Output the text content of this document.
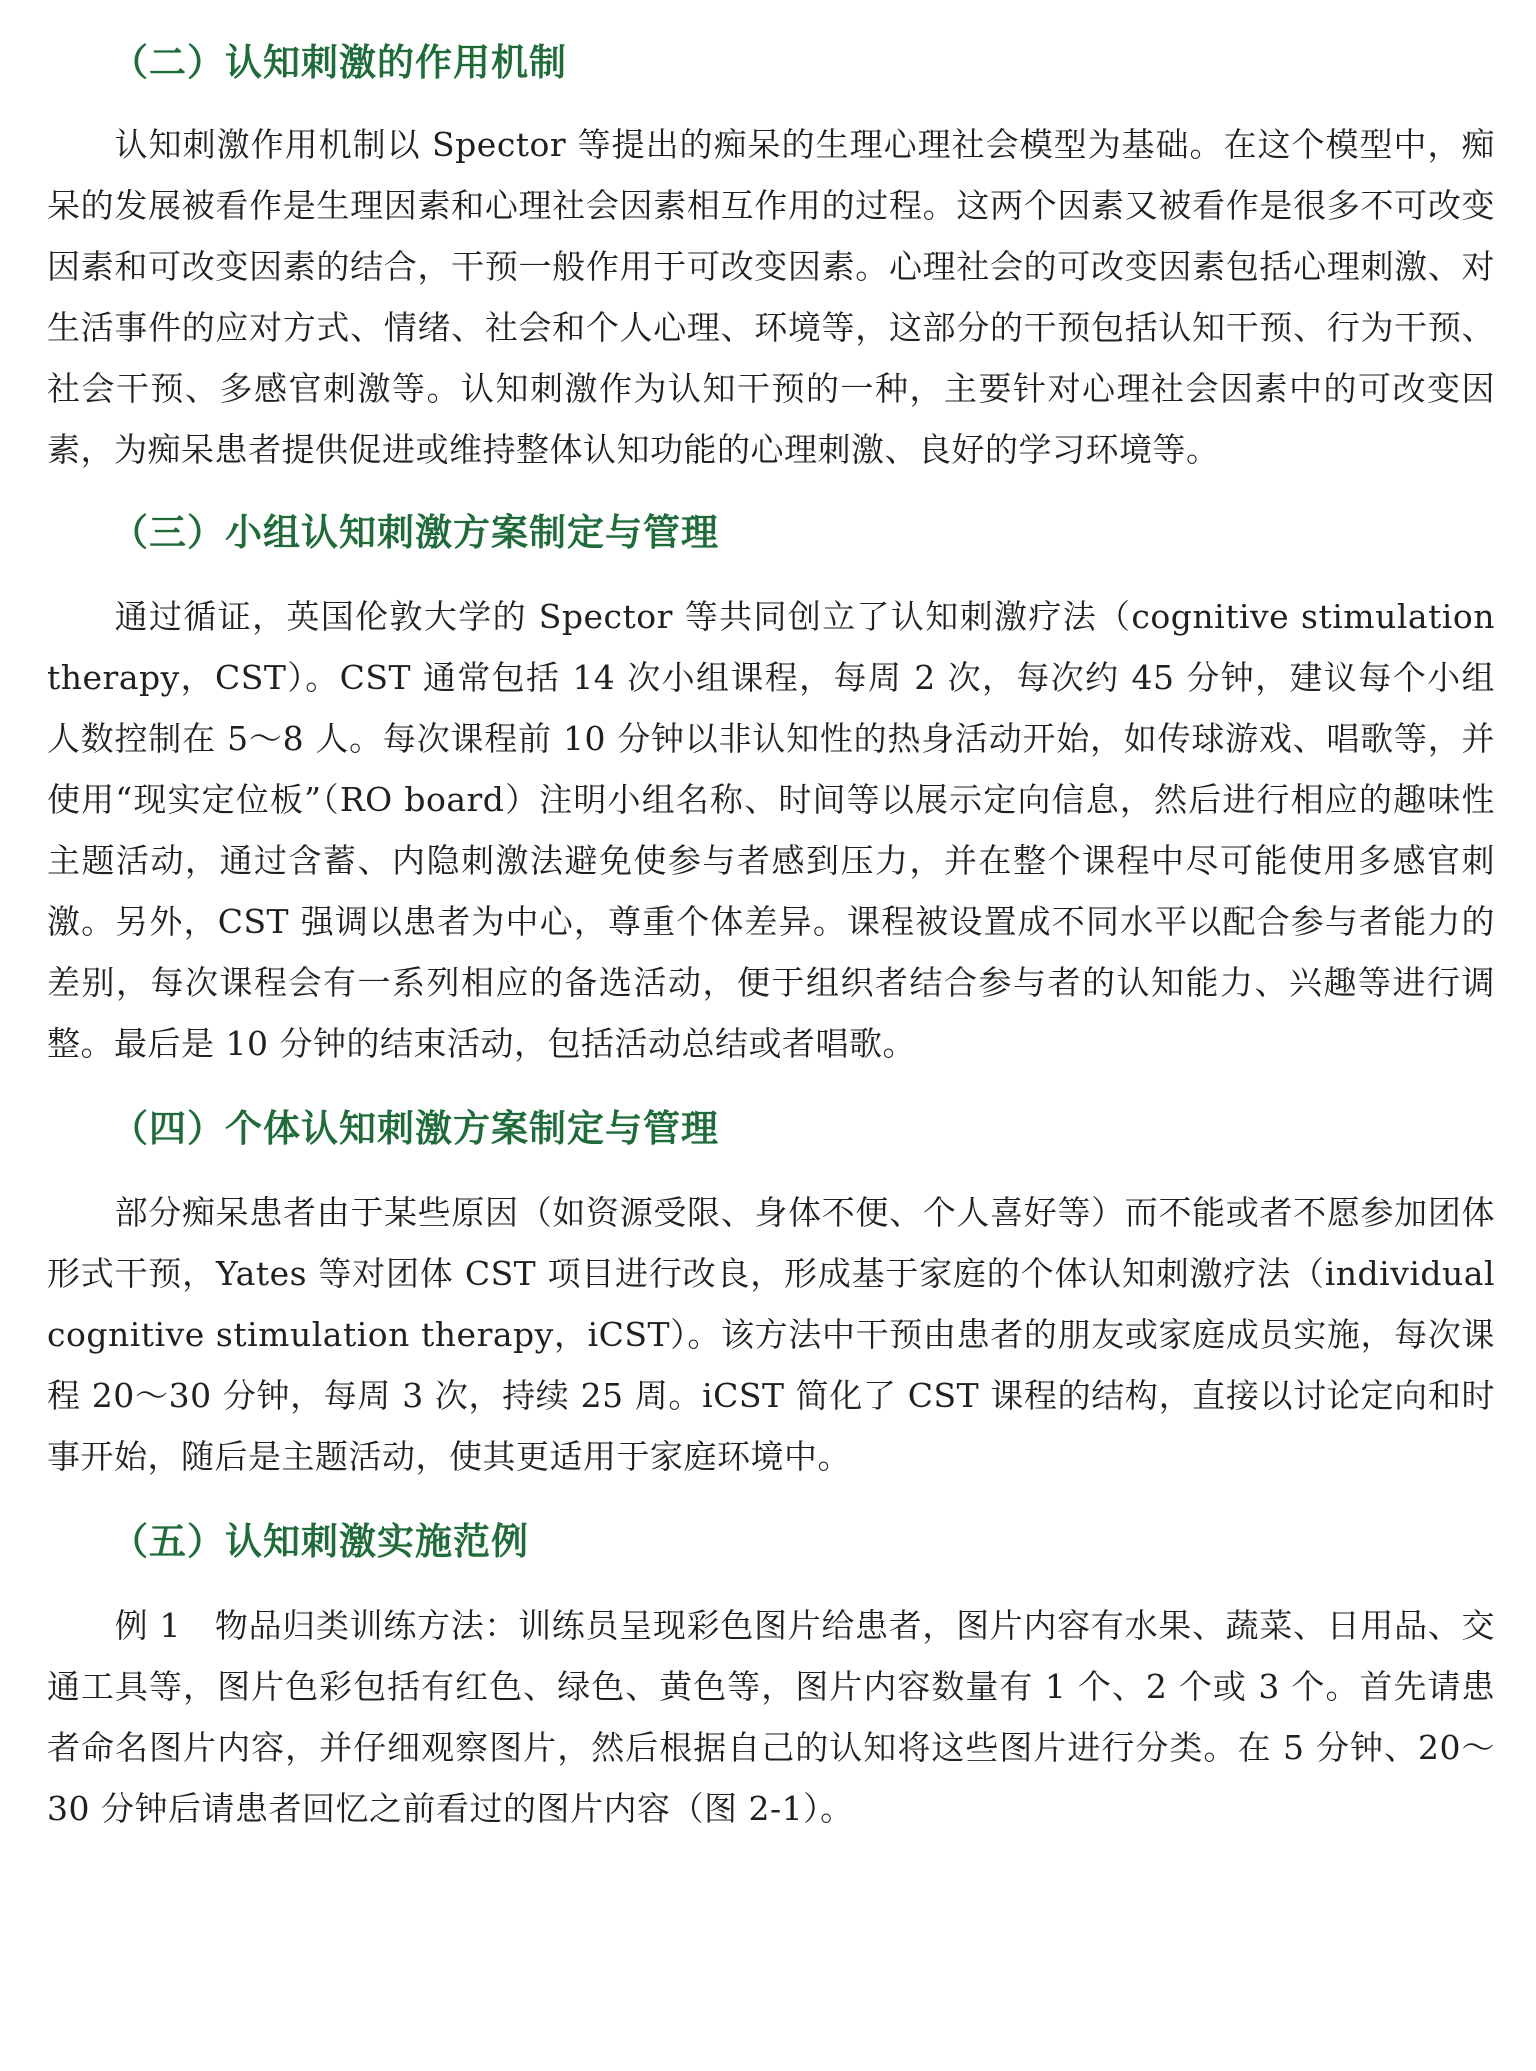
（二）认知刺激的作用机制

认知刺激作用机制以 Spector 等提出的痴呆的生理心理社会模型为基础。在这个模型中，痴呆的发展被看作是生理因素和心理社会因素相互作用的过程。这两个因素又被看作是很多不可改变因素和可改变因素的结合，干预一般作用于可改变因素。心理社会的可改变因素包括心理刺激、对生活事件的应对方式、情绪、社会和个人心理、环境等，这部分的干预包括认知干预、行为干预、社会干预、多感官刺激等。认知刺激作为认知干预的一种，主要针对心理社会因素中的可改变因素，为痴呆患者提供促进或维持整体认知功能的心理刺激、良好的学习环境等。

（三）小组认知刺激方案制定与管理

通过循证，英国伦敦大学的 Spector 等共同创立了认知刺激疗法（cognitive stimulation therapy，CST）。CST 通常包括 14 次小组课程，每周 2 次，每次约 45 分钟，建议每个小组人数控制在 5～8 人。每次课程前 10 分钟以非认知性的热身活动开始，如传球游戏、唱歌等，并使用“现实定位板”（RO board）注明小组名称、时间等以展示定向信息，然后进行相应的趣味性主题活动，通过含蓄、内隐刺激法避免使参与者感到压力，并在整个课程中尽可能使用多感官刺激。另外，CST 强调以患者为中心，尊重个体差异。课程被设置成不同水平以配合参与者能力的差别，每次课程会有一系列相应的备选活动，便于组织者结合参与者的认知能力、兴趣等进行调整。最后是 10 分钟的结束活动，包括活动总结或者唱歌。

（四）个体认知刺激方案制定与管理

部分痴呆患者由于某些原因（如资源受限、身体不便、个人喜好等）而不能或者不愿参加团体形式干预，Yates 等对团体 CST 项目进行改良，形成基于家庭的个体认知刺激疗法（individual cognitive stimulation therapy，iCST）。该方法中干预由患者的朋友或家庭成员实施，每次课程 20～30 分钟，每周 3 次，持续 25 周。iCST 简化了 CST 课程的结构，直接以讨论定向和时事开始，随后是主题活动，使其更适用于家庭环境中。

（五）认知刺激实施范例

例 1　物品归类训练方法：训练员呈现彩色图片给患者，图片内容有水果、蔬菜、日用品、交通工具等，图片色彩包括有红色、绿色、黄色等，图片内容数量有 1 个、2 个或 3 个。首先请患者命名图片内容，并仔细观察图片，然后根据自己的认知将这些图片进行分类。在 5 分钟、20～30 分钟后请患者回忆之前看过的图片内容（图 2-1）。
